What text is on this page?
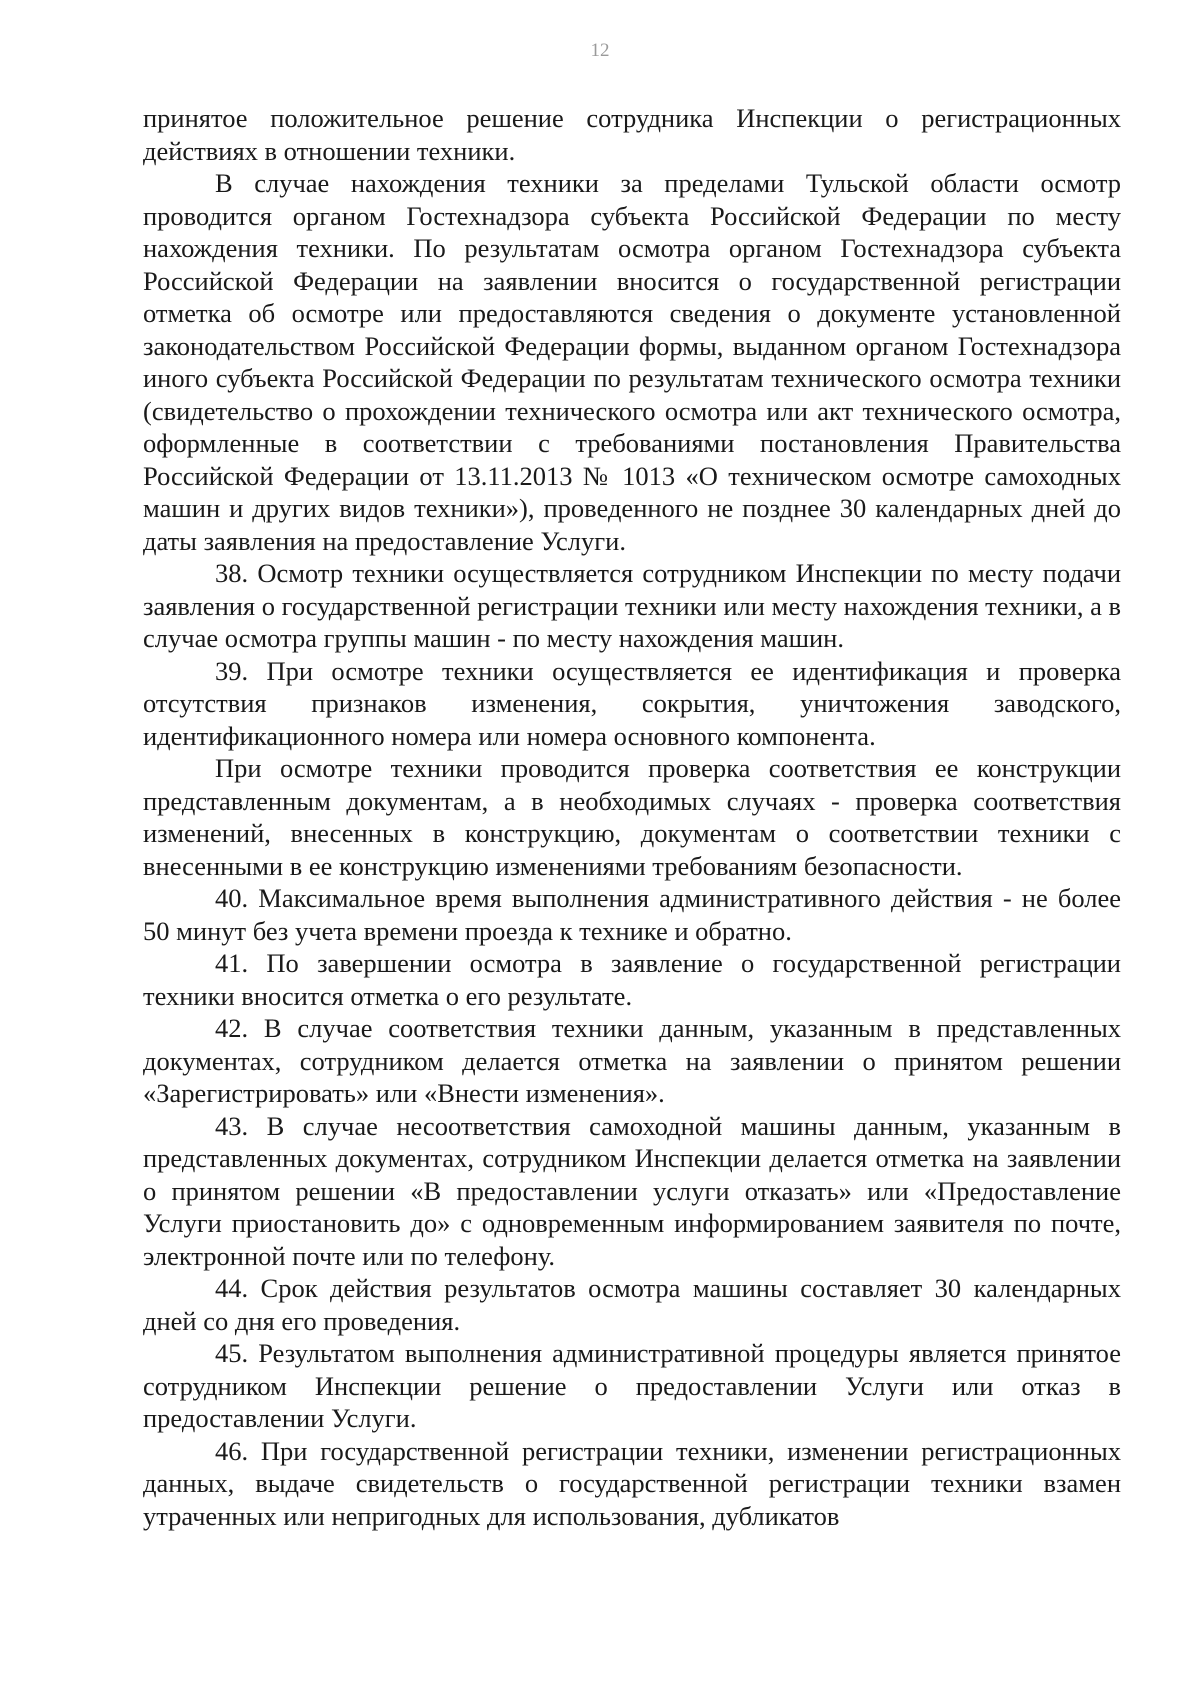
12

принятое положительное решение сотрудника Инспекции о регистрационных действиях в отношении техники.

В случае нахождения техники за пределами Тульской области осмотр проводится органом Гостехнадзора субъекта Российской Федерации по месту нахождения техники. По результатам осмотра органом Гостехнадзора субъекта Российской Федерации на заявлении вносится о государственной регистрации отметка об осмотре или предоставляются сведения о документе установленной законодательством Российской Федерации формы, выданном органом Гостехнадзора иного субъекта Российской Федерации по результатам технического осмотра техники (свидетельство о прохождении технического осмотра или акт технического осмотра, оформленные в соответствии с требованиями постановления Правительства Российской Федерации от 13.11.2013 № 1013 «О техническом осмотре самоходных машин и других видов техники»), проведенного не позднее 30 календарных дней до даты заявления на предоставление Услуги.

38. Осмотр техники осуществляется сотрудником Инспекции по месту подачи заявления о государственной регистрации техники или месту нахождения техники, а в случае осмотра группы машин - по месту нахождения машин.

39. При осмотре техники осуществляется ее идентификация и проверка отсутствия признаков изменения, сокрытия, уничтожения заводского, идентификационного номера или номера основного компонента.

При осмотре техники проводится проверка соответствия ее конструкции представленным документам, а в необходимых случаях - проверка соответствия изменений, внесенных в конструкцию, документам о соответствии техники с внесенными в ее конструкцию изменениями требованиям безопасности.

40. Максимальное время выполнения административного действия - не более 50 минут без учета времени проезда к технике и обратно.

41. По завершении осмотра в заявление о государственной регистрации техники вносится отметка о его результате.

42. В случае соответствия техники данным, указанным в представленных документах, сотрудником делается отметка на заявлении о принятом решении «Зарегистрировать» или «Внести изменения».

43. В случае несоответствия самоходной машины данным, указанным в представленных документах, сотрудником Инспекции делается отметка на заявлении о принятом решении «В предоставлении услуги отказать» или «Предоставление Услуги приостановить до» с одновременным информированием заявителя по почте, электронной почте или по телефону.

44. Срок действия результатов осмотра машины составляет 30 календарных дней со дня его проведения.

45. Результатом выполнения административной процедуры является принятое сотрудником Инспекции решение о предоставлении Услуги или отказ в предоставлении Услуги.

46. При государственной регистрации техники, изменении регистрационных данных, выдаче свидетельств о государственной регистрации техники взамен утраченных или непригодных для использования, дубликатов
